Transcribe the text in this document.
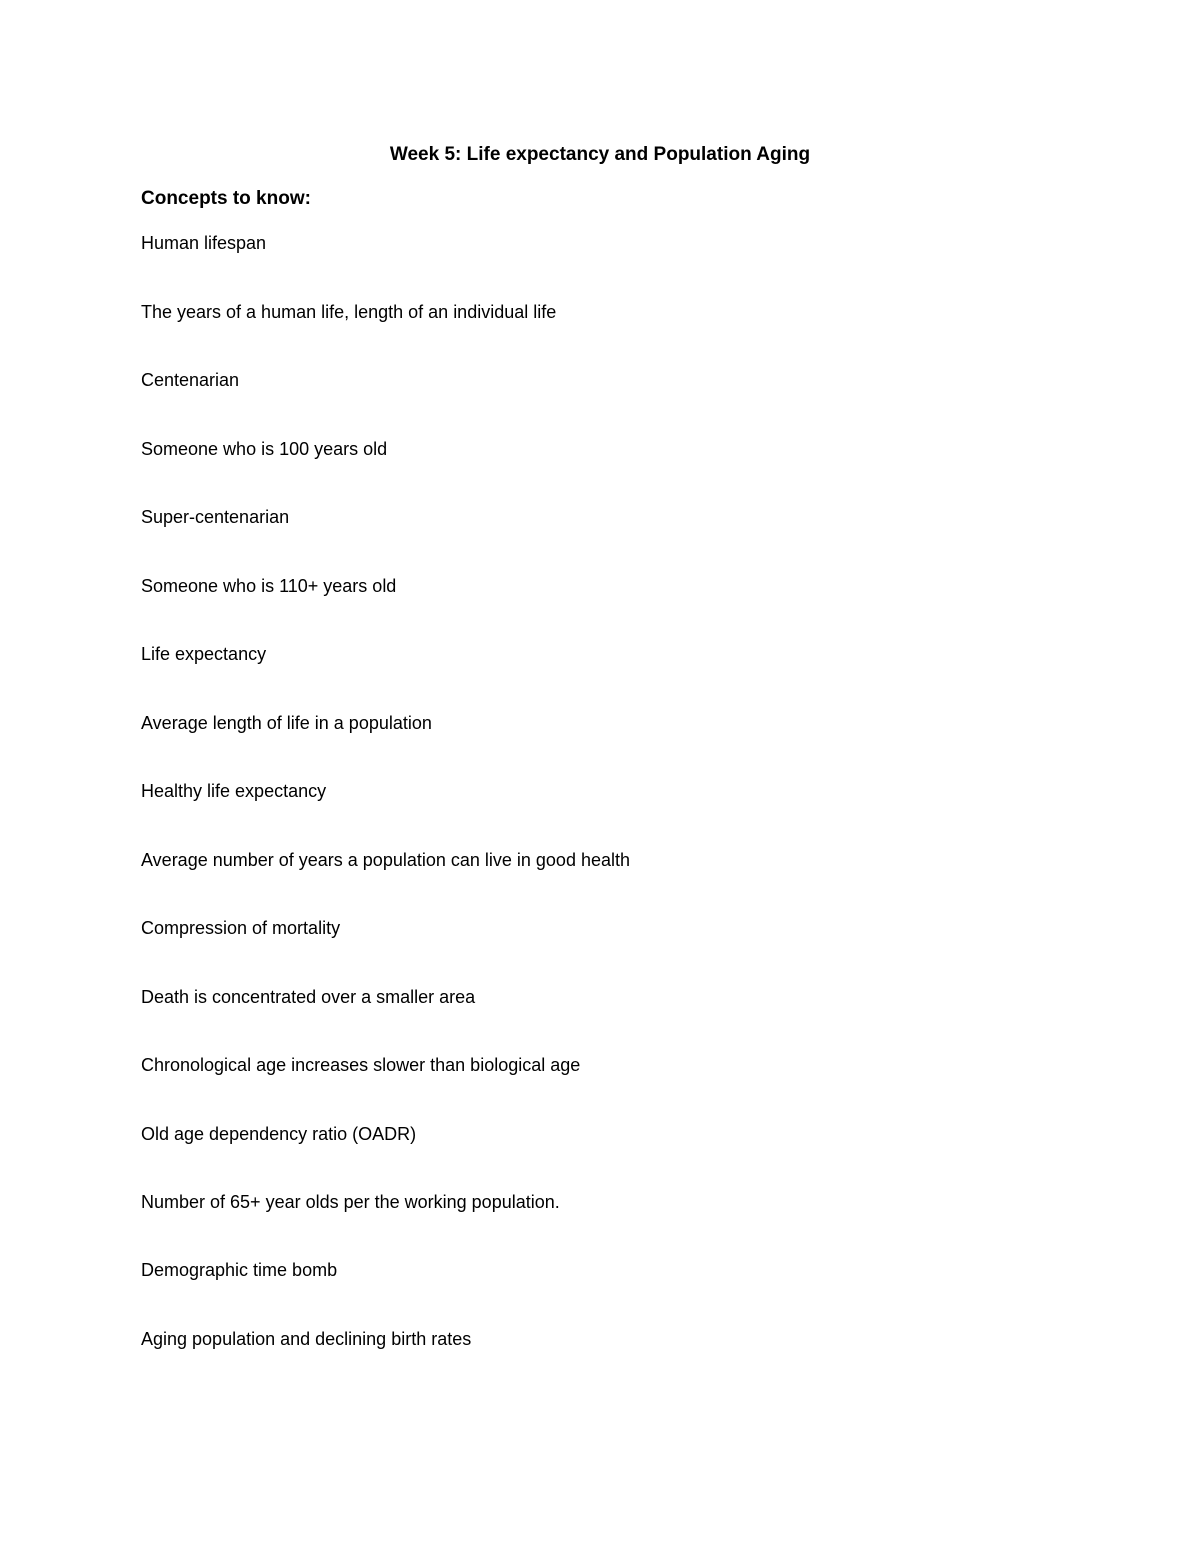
Week 5: Life expectancy and Population Aging
Concepts to know:
Human lifespan
The years of a human life, length of an individual life
Centenarian
Someone who is 100 years old
Super-centenarian
Someone who is 110+ years old
Life expectancy
Average length of life in a population
Healthy life expectancy
Average number of years a population can live in good health
Compression of mortality
Death is concentrated over a smaller area
Chronological age increases slower than biological age
Old age dependency ratio (OADR)
Number of 65+ year olds per the working population.
Demographic time bomb
Aging population and declining birth rates
